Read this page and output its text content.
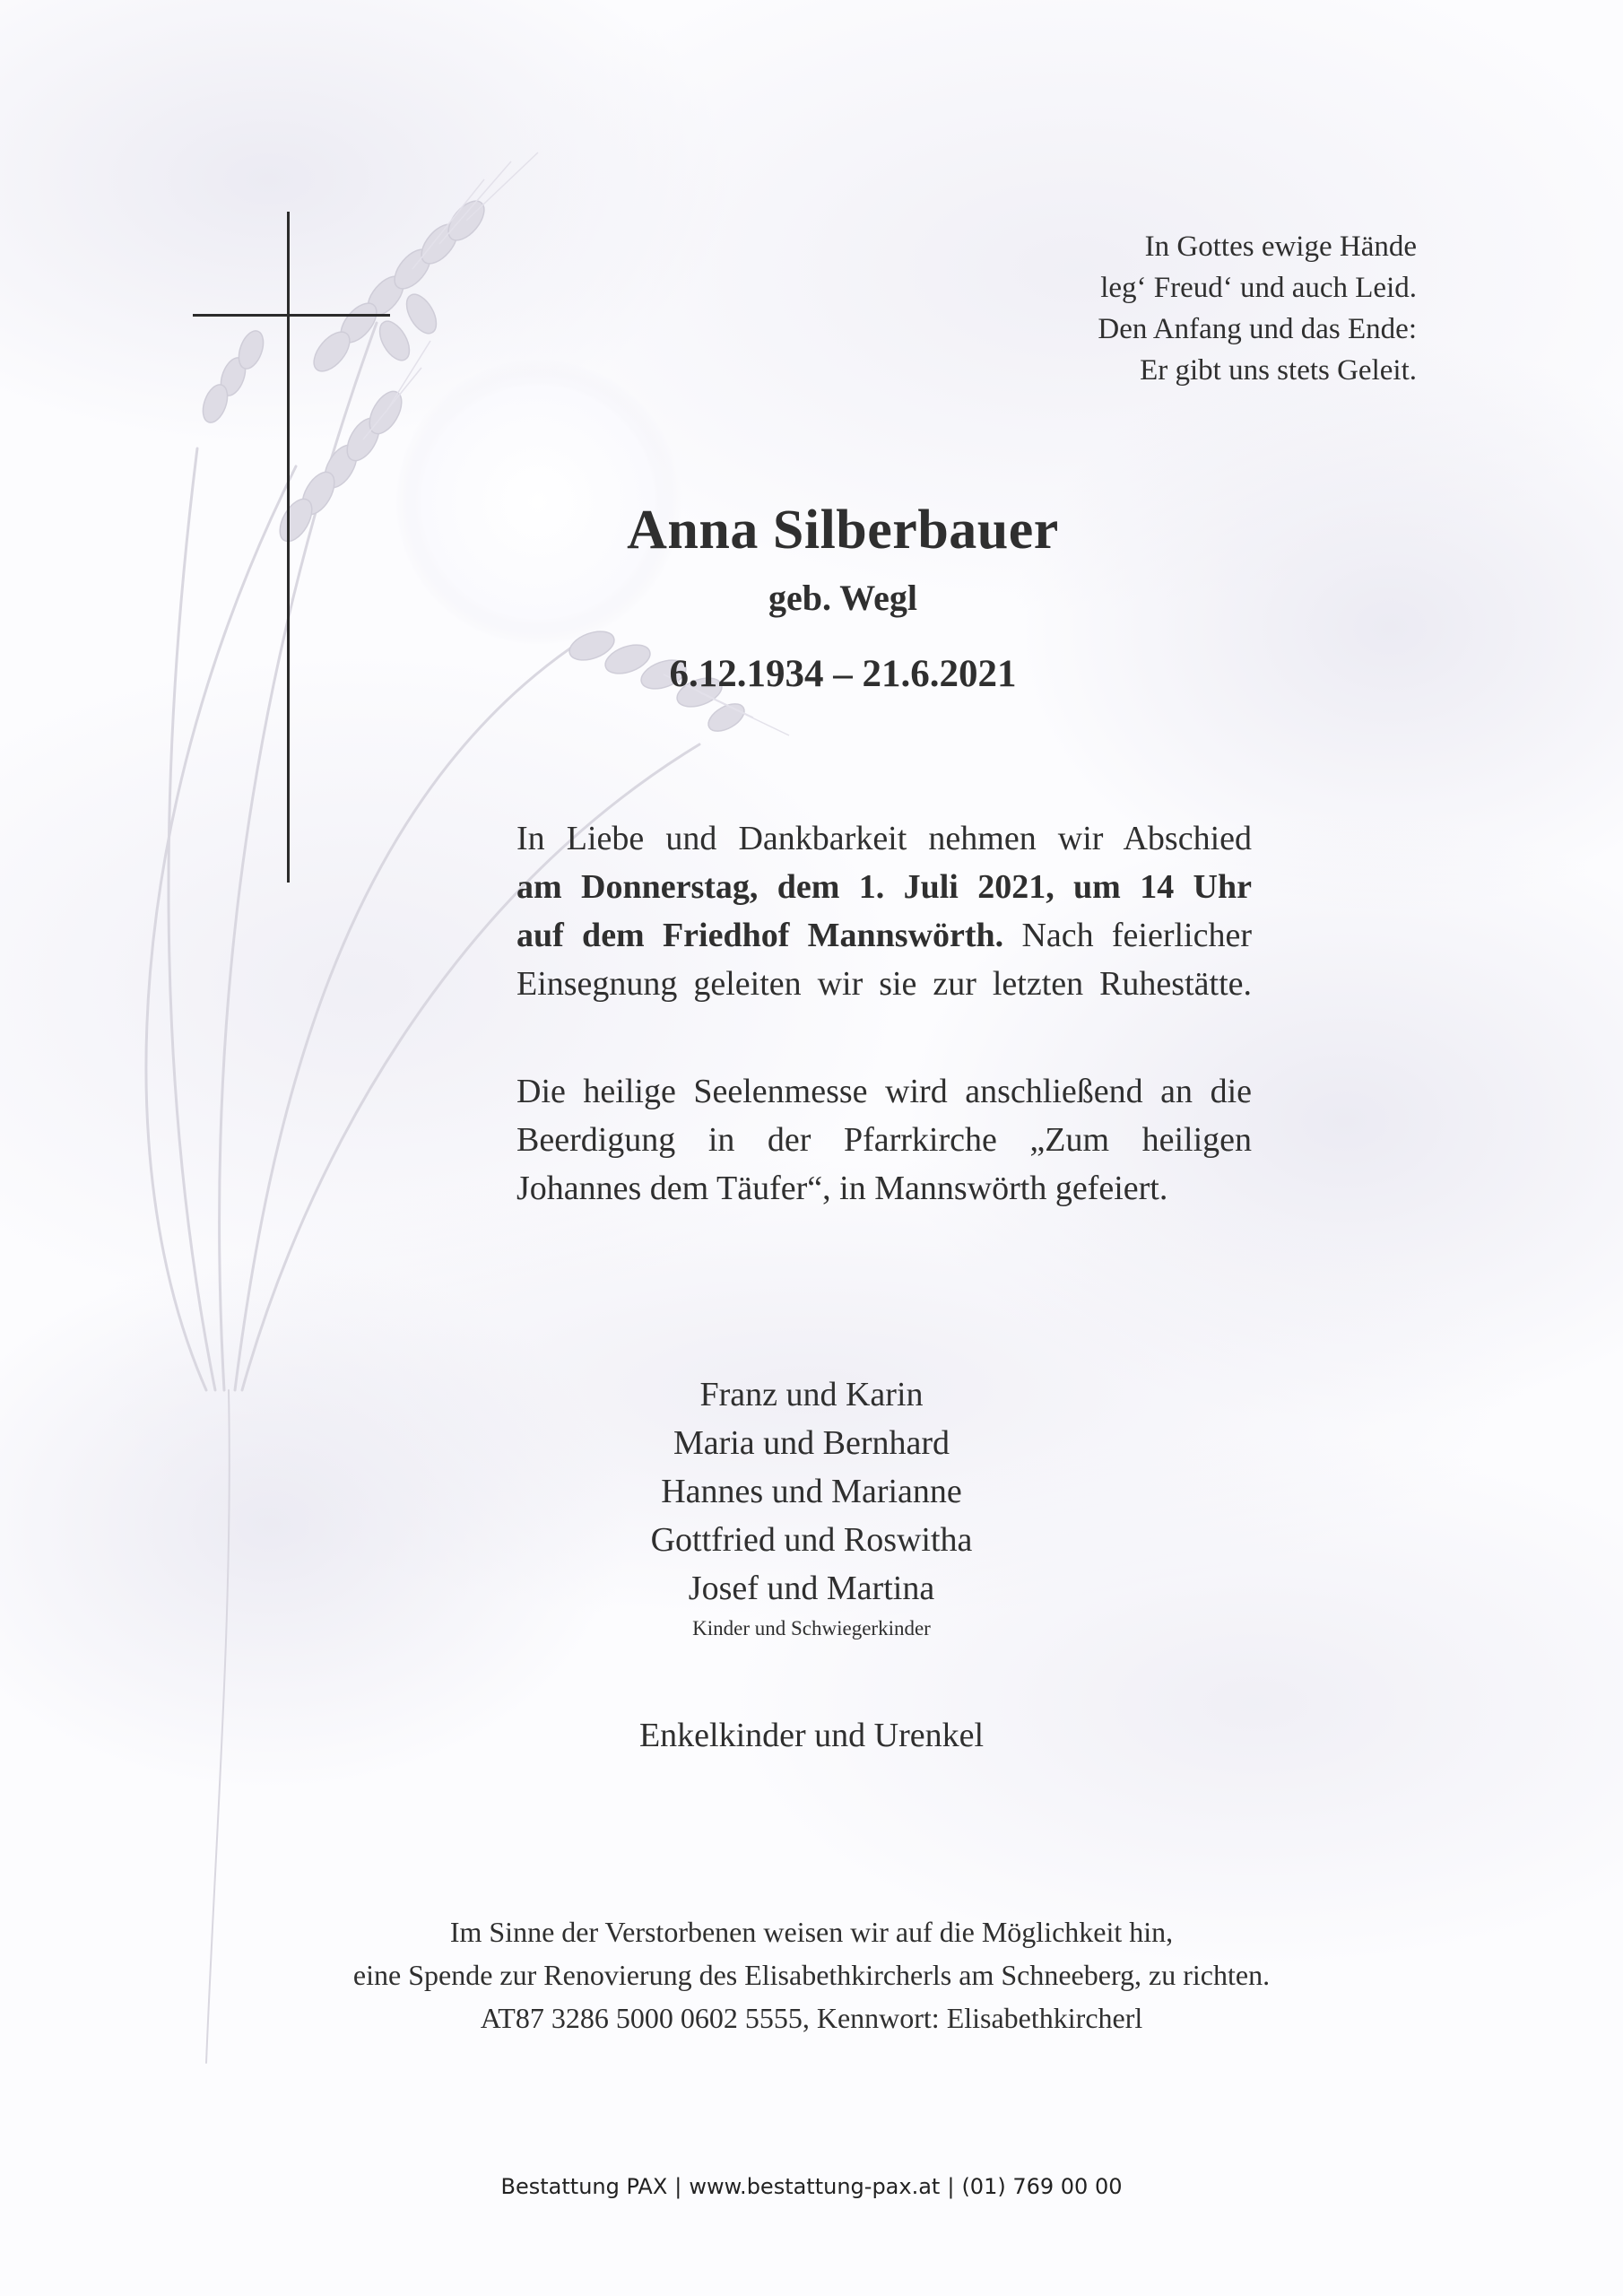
In Gottes ewige Hände
leg‘ Freud‘ und auch Leid.
Den Anfang und das Ende:
Er gibt uns stets Geleit.
Anna Silberbauer
geb. Wegl
6.12.1934 – 21.6.2021
In Liebe und Dankbarkeit nehmen wir Abschied
am Donnerstag, dem 1. Juli 2021, um 14 Uhr
auf dem Friedhof Mannswörth. Nach feierlicher
Einsegnung geleiten wir sie zur letzten Ruhestätte.
Die heilige Seelenmesse wird anschließend an die
Beerdigung in der Pfarrkirche „Zum heiligen
Johannes dem Täufer“, in Mannswörth gefeiert.
Franz und Karin
Maria und Bernhard
Hannes und Marianne
Gottfried und Roswitha
Josef und Martina
Kinder und Schwiegerkinder
Enkelkinder und Urenkel
Im Sinne der Verstorbenen weisen wir auf die Möglichkeit hin,
eine Spende zur Renovierung des Elisabethkircherls am Schneeberg, zu richten.
AT87 3286 5000 0602 5555, Kennwort: Elisabethkircherl
Bestattung PAX | www.bestattung-pax.at | (01) 769 00 00
